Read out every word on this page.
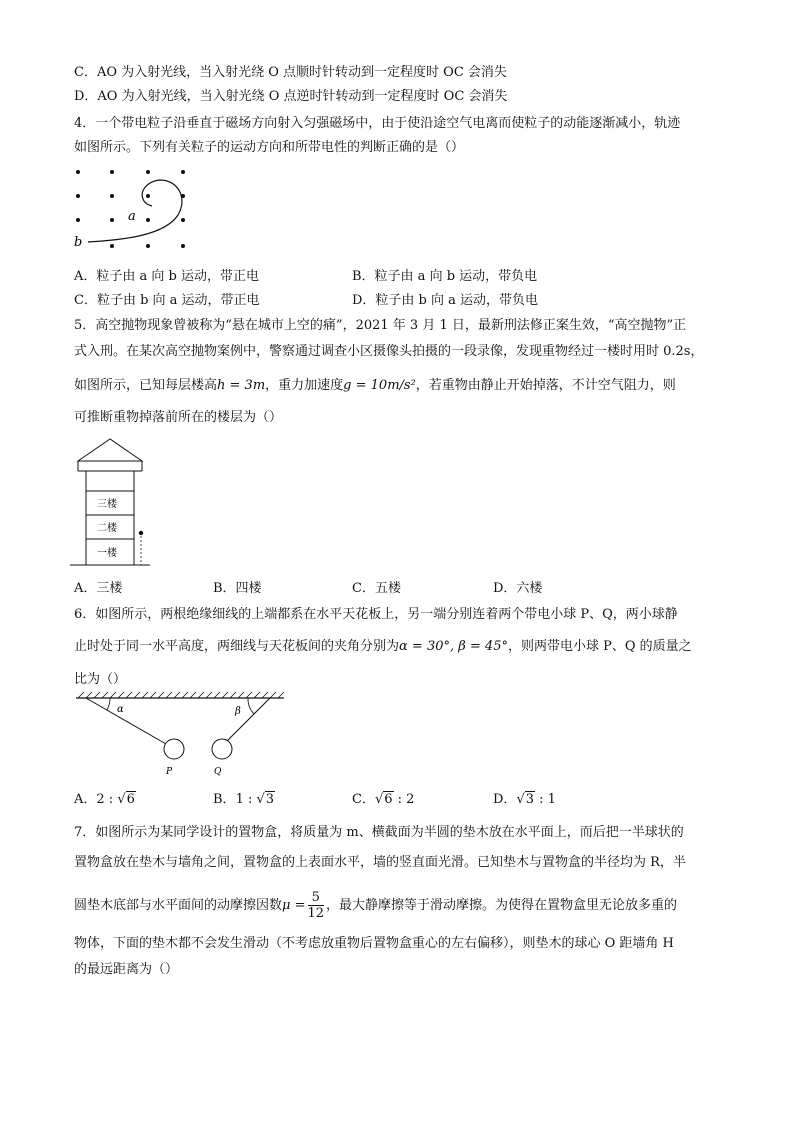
C．AO 为入射光线，当入射光绕 O 点顺时针转动到一定程度时 OC 会消失
D．AO 为入射光线，当入射光绕 O 点逆时针转动到一定程度时 OC 会消失
4．一个带电粒子沿垂直于磁场方向射入匀强磁场中，由于使沿途空气电离而使粒子的动能逐渐减小，轨迹
如图所示。下列有关粒子的运动方向和所带电性的判断正确的是（）
a
b
A．粒子由 a 向 b 运动，带正电	B．粒子由 a 向 b 运动，带负电
C．粒子由 b 向 a 运动，带正电	D．粒子由 b 向 a 运动，带负电
5．高空抛物现象曾被称为“悬在城市上空的痛”，2021 年 3 月 1 日，最新刑法修正案生效，“高空抛物”正
式入刑。在某次高空抛物案例中，警察通过调查小区摄像头拍摄的一段录像，发现重物经过一楼时用时 0.2s，
如图所示，已知每层楼高h = 3m，重力加速度g = 10m/s²，若重物由静止开始掉落，不计空气阻力，则
可推断重物掉落前所在的楼层为（）
三楼
二楼
一楼
A．三楼	B．四楼	C．五楼	D．六楼
6．如图所示，两根绝缘细线的上端都系在水平天花板上，另一端分别连着两个带电小球 P、Q，两小球静
止时处于同一水平高度，两细线与天花板间的夹角分别为α = 30°, β = 45°，则两带电小球 P、Q 的质量之
比为（）
α	β
P	Q
A．2 : √6	B．1 : √3	C．√6 : 2	D．√3 : 1
7．如图所示为某同学设计的置物盒，将质量为 m、横截面为半圆的垫木放在水平面上，而后把一半球状的
置物盒放在垫木与墙角之间，置物盒的上表面水平，墙的竖直面光滑。已知垫木与置物盒的半径均为 R，半
圆垫木底部与水平面间的动摩擦因数$\mu = \frac{5}{12}$ ，最大静摩擦等于滑动摩擦。为使得在置物盒里无论放多重的
物体，下面的垫木都不会发生滑动（不考虑放重物后置物盒重心的左右偏移），则垫木的球心 O 距墙角 H
的最远距离为（）
